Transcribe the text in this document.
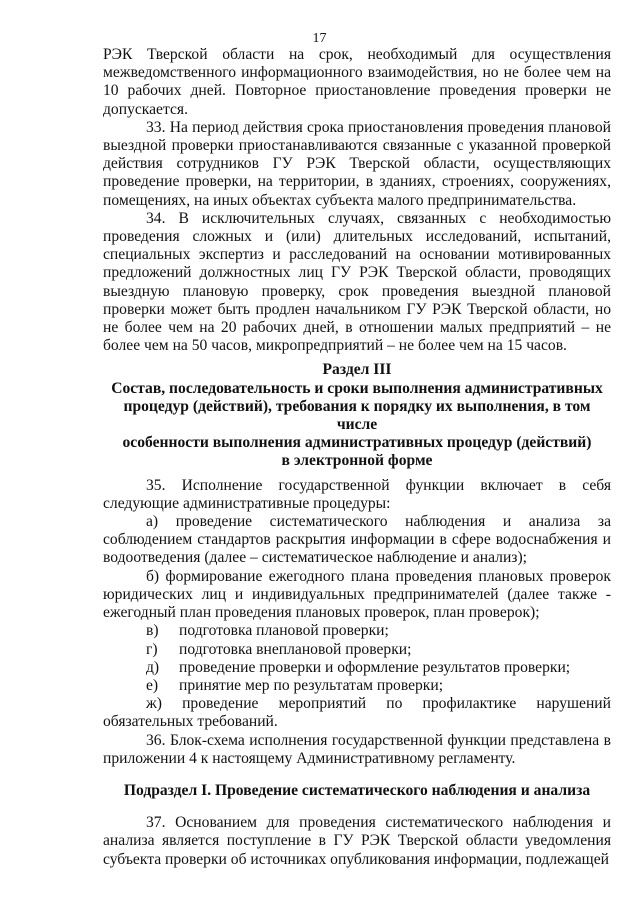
17

РЭК Тверской области на срок, необходимый для осуществления межведомственного информационного взаимодействия, но не более чем на 10 рабочих дней. Повторное приостановление проведения проверки не допускается.

33. На период действия срока приостановления проведения плановой выездной проверки приостанавливаются связанные с указанной проверкой действия сотрудников ГУ РЭК Тверской области, осуществляющих проведение проверки, на территории, в зданиях, строениях, сооружениях, помещениях, на иных объектах субъекта малого предпринимательства.

34. В исключительных случаях, связанных с необходимостью проведения сложных и (или) длительных исследований, испытаний, специальных экспертиз и расследований на основании мотивированных предложений должностных лиц ГУ РЭК Тверской области, проводящих выездную плановую проверку, срок проведения выездной плановой проверки может быть продлен начальником ГУ РЭК Тверской области, но не более чем на 20 рабочих дней, в отношении малых предприятий – не более чем на 50 часов, микропредприятий – не более чем на 15 часов.

Раздел III
Состав, последовательность и сроки выполнения административных
процедур (действий), требования к порядку их выполнения, в том числе
особенности выполнения административных процедур (действий)
в электронной форме

35. Исполнение государственной функции включает в себя следующие административные процедуры:

а) проведение систематического наблюдения и анализа за соблюдением стандартов раскрытия информации в сфере водоснабжения и водоотведения (далее – систематическое наблюдение и анализ);

б) формирование ежегодного плана проведения плановых проверок юридических лиц и индивидуальных предпринимателей (далее также - ежегодный план проведения плановых проверок, план проверок);

в) подготовка плановой проверки;
г) подготовка внеплановой проверки;
д) проведение проверки и оформление результатов проверки;
е) принятие мер по результатам проверки;

ж) проведение мероприятий по профилактике нарушений обязательных требований.

36. Блок-схема исполнения государственной функции представлена в приложении 4 к настоящему Административному регламенту.

Подраздел I. Проведение систематического наблюдения и анализа

37. Основанием для проведения систематического наблюдения и анализа является поступление в ГУ РЭК Тверской области уведомления субъекта проверки об источниках опубликования информации, подлежащей
